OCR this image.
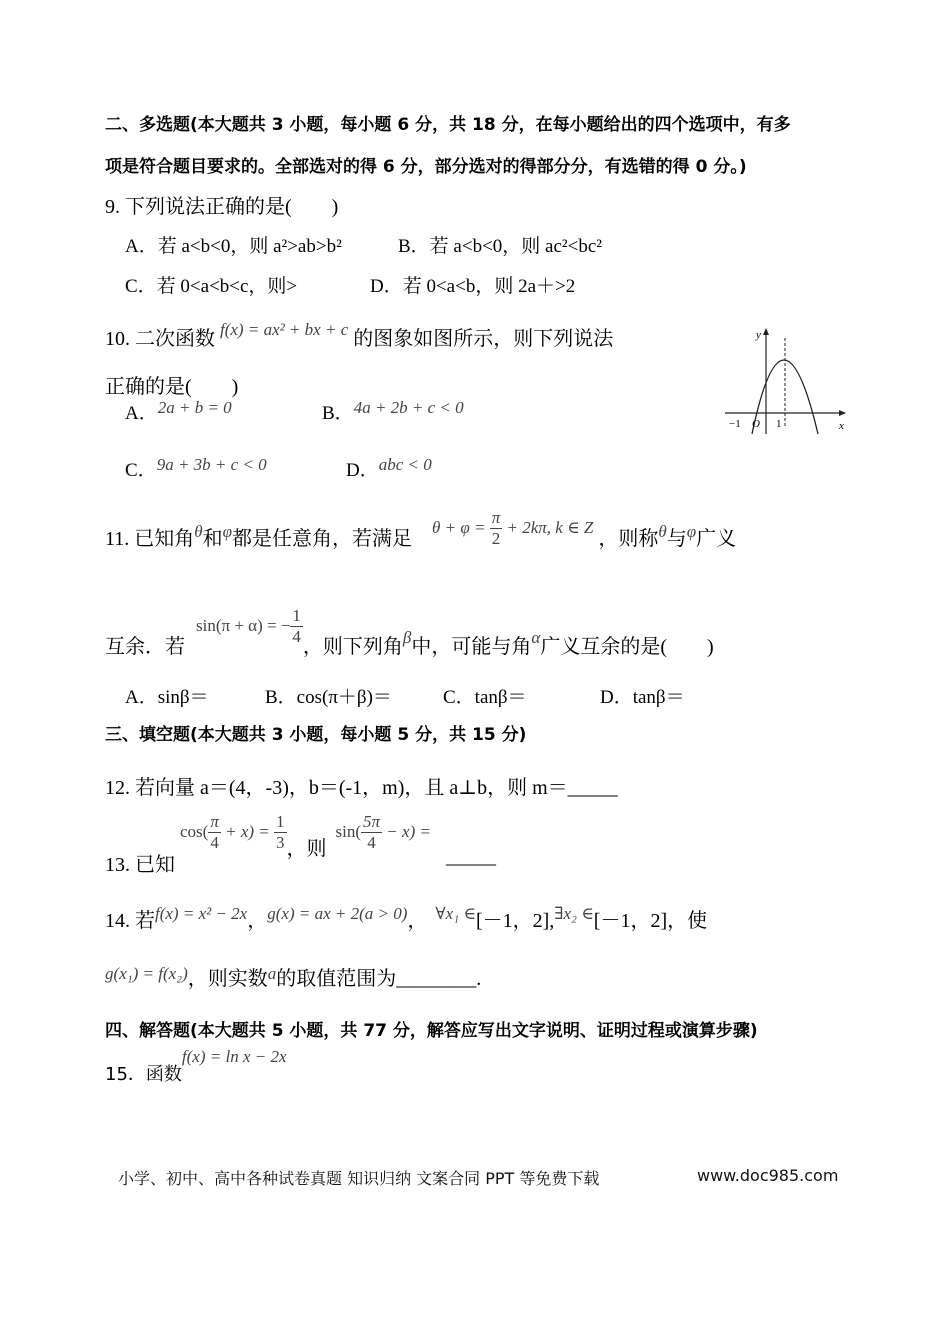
二、多选题(本大题共 3 小题，每小题 6 分，共 18 分，在每小题给出的四个选项中，有多
项是符合题目要求的。全部选对的得 6 分，部分选对的得部分分，有选错的得 0 分。)
9. 下列说法正确的是(　　)
A．若 a<b<0，则 a²>ab>b²	B．若 a<b<0，则 ac²<bc²
C．若 0<a<b<c，则>	D．若 0<a<b，则 2a＋>2
10. 二次函数 $^{f(x) = ax^2 + bx + c}$ 的图象如图所示，则下列说法
正确的是(　　)
A．2a + b = 0	B．4a + 2b + c < 0
C．9a + 3b + c < 0	D．abc < 0
y
x
−1 O 1
11. 已知角$^\theta$和$^\varphi$都是任意角，若满足  $^{\theta + \varphi =} \frac{\pi}{2} ^{+ 2k\pi, k \in Z}$ ，则称$^\theta$与$^\varphi$广义
互余．若 sin(π + α) = − $\frac{1}{4}$
，则下列角$_\beta$中，可能与角$_\alpha$广义互余的是(　　)
A．sinβ＝	B．cos(π＋β)＝	C．tanβ＝	D．tanβ＝
三、填空题(本大题共 3 小题，每小题 5 分，共 15 分)
12. 若向量 a＝(4，-3)，b＝(-1，m)，且 a⊥b，则 m＝_____
13. 已知 $\cos( \frac{\pi}{4} + x) = \frac{1}{3}$ ，则 $\sin( \frac{5\pi}{4} - x)$ = _____
14. 若$^{f(x) = x^2 - 2x}$，$^{g(x) = ax + 2(a > 0)}$， $^{\forall x_1 \in}$[－1，2],$^{\exists x_2 \in}$[－1，2]，使
$^{g(x_1) = f(x_2)}$，则实数$^a$的取值范围为________.
四、解答题(本大题共 5 小题，共 77 分，解答应写出文字说明、证明过程或演算步骤)
15．函数$^{f(x) = ln x - 2x}$
小学、初中、高中各种试卷真题 知识归纳 文案合同 PPT 等免费下载	www.doc985.com
